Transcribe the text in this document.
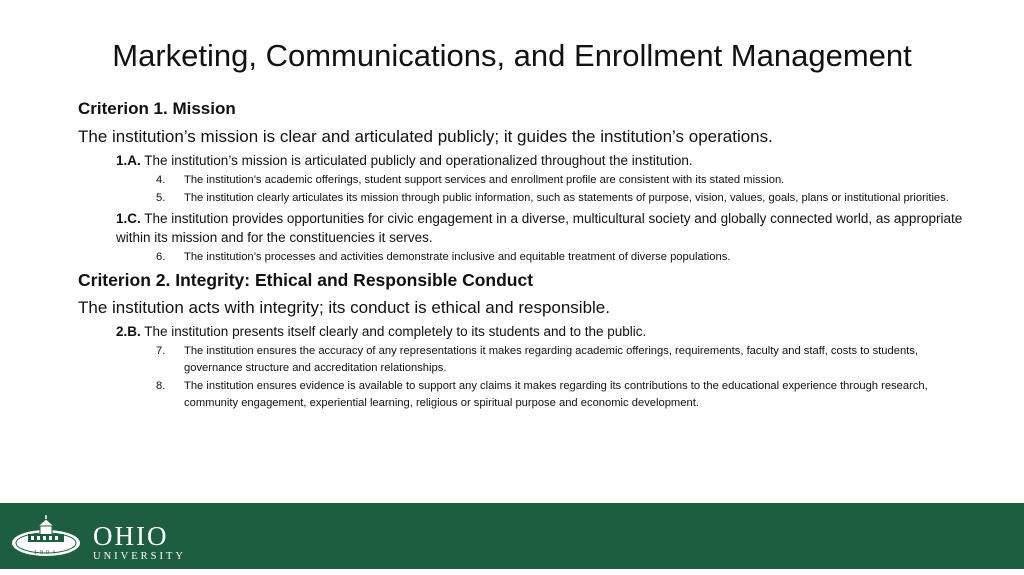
Marketing, Communications, and Enrollment Management

Criterion 1. Mission

The institution’s mission is clear and articulated publicly; it guides the institution’s operations.

1.A. The institution’s mission is articulated publicly and operationalized throughout the institution.

4. The institution’s academic offerings, student support services and enrollment profile are consistent with its stated mission.
5. The institution clearly articulates its mission through public information, such as statements of purpose, vision, values, goals, plans or institutional priorities.

1.C. The institution provides opportunities for civic engagement in a diverse, multicultural society and globally connected world, as appropriate within its mission and for the constituencies it serves.

6. The institution’s processes and activities demonstrate inclusive and equitable treatment of diverse populations.

Criterion 2. Integrity: Ethical and Responsible Conduct

The institution acts with integrity; its conduct is ethical and responsible.

2.B. The institution presents itself clearly and completely to its students and to the public.

7. The institution ensures the accuracy of any representations it makes regarding academic offerings, requirements, faculty and staff, costs to students, governance structure and accreditation relationships.
8. The institution ensures evidence is available to support any claims it makes regarding its contributions to the educational experience through research, community engagement, experiential learning, religious or spiritual purpose and economic development.
1804
OHIO
UNIVERSITY
